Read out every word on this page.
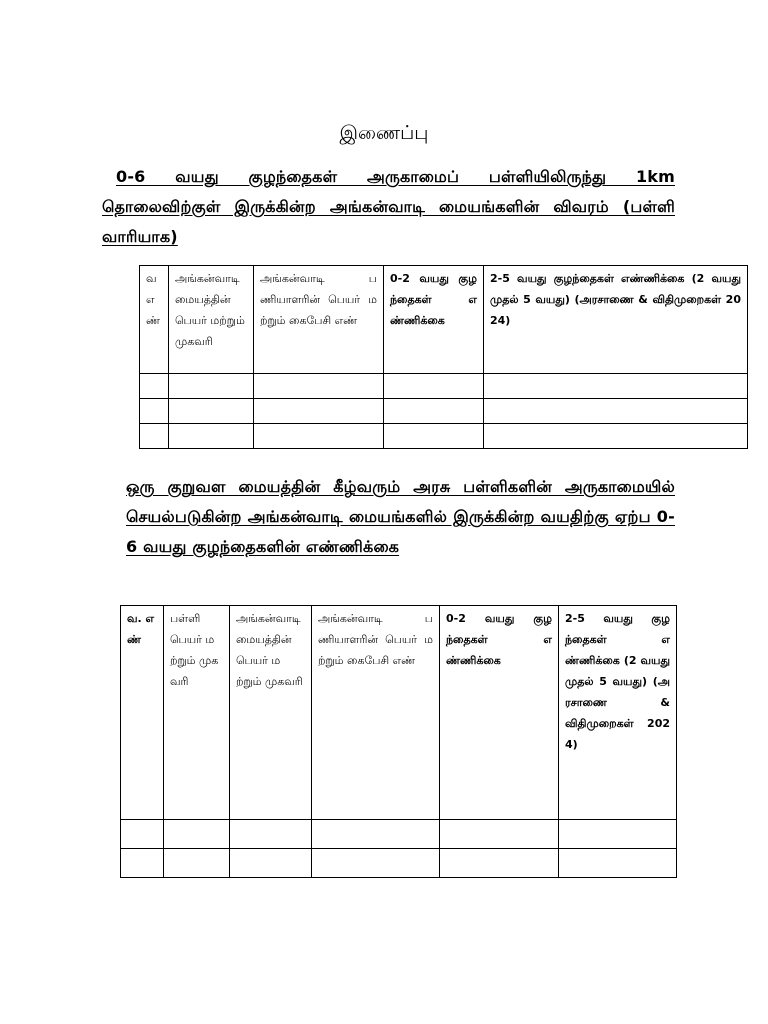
இணைப்பு
0-6 வயது குழந்தைகள் அருகாமைப் பள்ளியிலிருந்து 1km தொலைவிற்குள் இருக்கின்ற அங்கன்வாடி மையங்களின் விவரம் (பள்ளி வாரியாக)
வ எண்	அங்கன்வாடி மையத்தின் பெயர் மற்றும் முகவரி	அங்கன்வாடி பணியாளரின் பெயர் மற்றும் கைபேசி எண்	0-2 வயது குழந்தைகள் எண்ணிக்கை	2-5 வயது குழந்தைகள் எண்ணிக்கை (2 வயது முதல் 5 வயது) (அரசாணை & விதிமுறைகள் 2024)

ஒரு குறுவள மையத்தின் கீழ்வரும் அரசு பள்ளிகளின் அருகாமையில் செயல்படுகின்ற அங்கன்வாடி மையங்களில் இருக்கின்ற வயதிற்கு ஏற்ப 0-6 வயது குழந்தைகளின் எண்ணிக்கை
வ. எண்	பள்ளி பெயர் மற்றும் முகவரி	அங்கன்வாடி மையத்தின் பெயர் மற்றும் முகவரி	அங்கன்வாடி பணியாளரின் பெயர் மற்றும் கைபேசி எண்	0-2 வயது குழந்தைகள் எண்ணிக்கை	2-5 வயது குழந்தைகள் எண்ணிக்கை (2 வயது முதல் 5 வயது) (அரசாணை & விதிமுறைகள் 2024)
